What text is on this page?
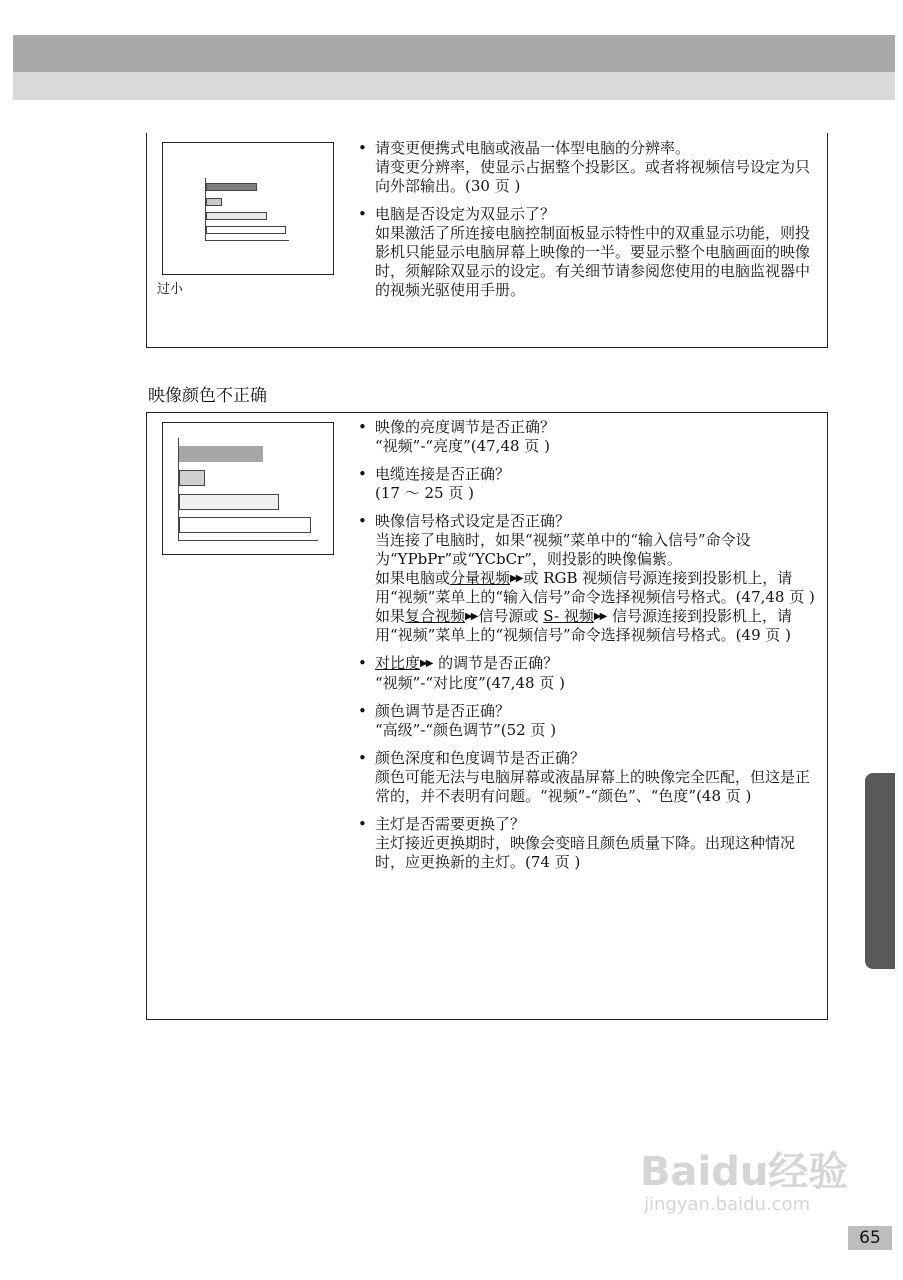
过小
• 请变更便携式电脑或液晶一体型电脑的分辨率。
请变更分辨率，使显示占据整个投影区。或者将视频信号设定为只向外部输出。(30 页 )
• 电脑是否设定为双显示了？
如果激活了所连接电脑控制面板显示特性中的双重显示功能，则投影机只能显示电脑屏幕上映像的一半。要显示整个电脑画面的映像时，须解除双显示的设定。有关细节请参阅您使用的电脑监视器中的视频光驱使用手册。
映像颜色不正确
• 映像的亮度调节是否正确？
“视频”-“亮度”(47,48 页 )
• 电缆连接是否正确？
(17 ～ 25 页 )
• 映像信号格式设定是否正确？
当连接了电脑时，如果“视频”菜单中的“输入信号”命令设为“YPbPr”或“YCbCr”，则投影的映像偏紫。
如果电脑或分量视频▶▶ 或 RGB 视频信号源连接到投影机上，请用“视频”菜单上的“输入信号”命令选择视频信号格式。(47,48 页 )
如果复合视频▶▶ 信号源或 S- 视频▶▶ 信号源连接到投影机上，请用“视频”菜单上的“视频信号”命令选择视频信号格式。(49 页 )
• 对比度▶▶ 的调节是否正确？
“视频”-“对比度”(47,48 页 )
• 颜色调节是否正确？
“高级”-“颜色调节”(52 页 )
• 颜色深度和色度调节是否正确？
颜色可能无法与电脑屏幕或液晶屏幕上的映像完全匹配，但这是正常的，并不表明有问题。“视频”-“颜色”、“色度”(48 页 )
• 主灯是否需要更换了？
主灯接近更换期时，映像会变暗且颜色质量下降。出现这种情况时，应更换新的主灯。(74 页 )
Baidu经验
jingyan.baidu.com
65
